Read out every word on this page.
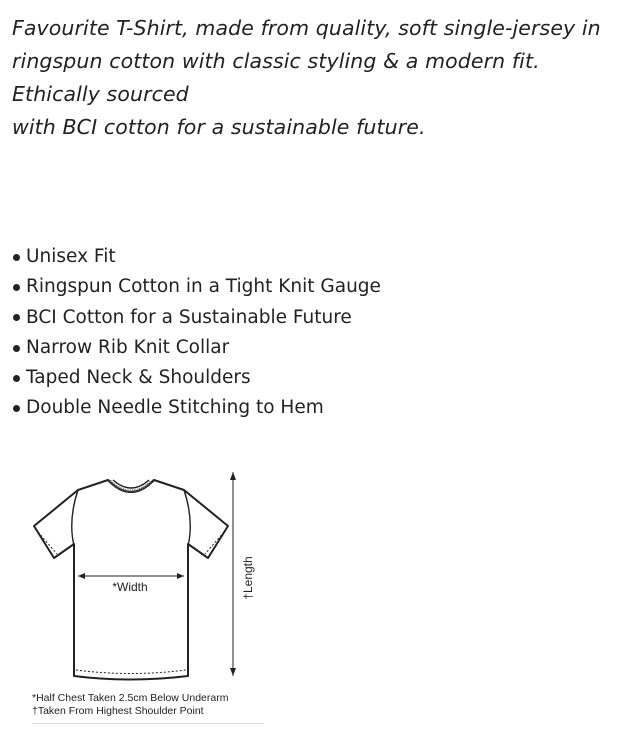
Favourite T-Shirt, made from quality, soft single-jersey in
ringspun cotton with classic styling & a modern fit.
Ethically sourced
with BCI cotton for a sustainable future.
Unisex Fit
Ringspun Cotton in a Tight Knit Gauge
BCI Cotton for a Sustainable Future
Narrow Rib Knit Collar
Taped Neck & Shoulders
Double Needle Stitching to Hem
*Width	†Length
*Half Chest Taken 2.5cm Below Underarm
†Taken From Highest Shoulder Point
